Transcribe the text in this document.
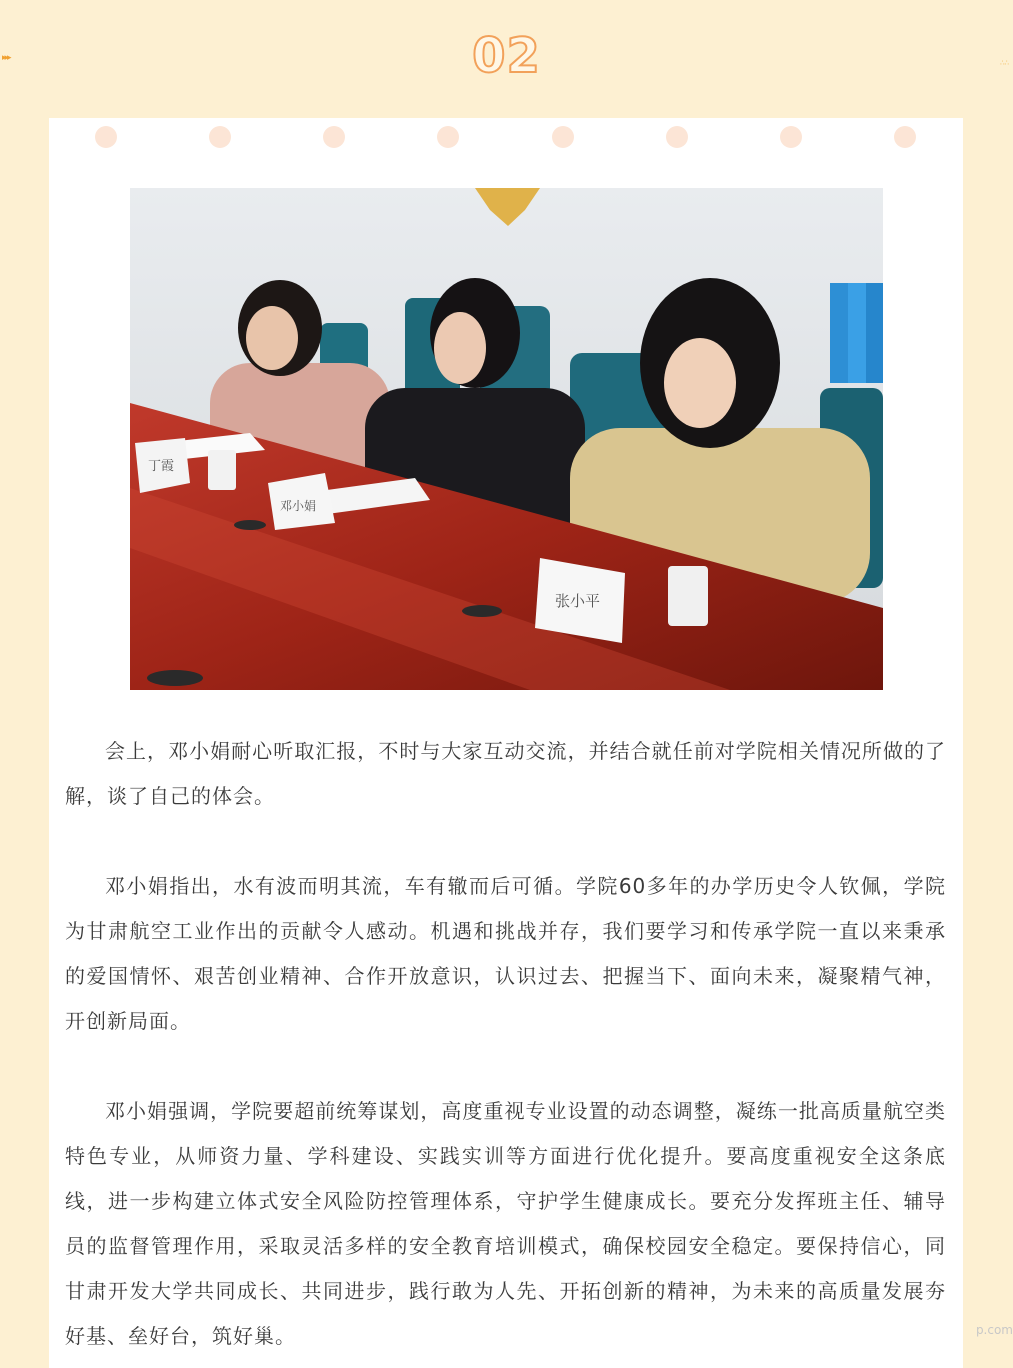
02
▸▸▸	∴∴
丁霞
邓小娟
张小平

会上，邓小娟耐心听取汇报，不时与大家互动交流，并结合就任前对学院相关情况所做的了解，谈了自己的体会。

邓小娟指出，水有波而明其流，车有辙而后可循。学院60多年的办学历史令人钦佩，学院为甘肃航空工业作出的贡献令人感动。机遇和挑战并存，我们要学习和传承学院一直以来秉承的爱国情怀、艰苦创业精神、合作开放意识，认识过去、把握当下、面向未来，凝聚精气神，开创新局面。

邓小娟强调，学院要超前统筹谋划，高度重视专业设置的动态调整，凝练一批高质量航空类特色专业，从师资力量、学科建设、实践实训等方面进行优化提升。要高度重视安全这条底线，进一步构建立体式安全风险防控管理体系，守护学生健康成长。要充分发挥班主任、辅导员的监督管理作用，采取灵活多样的安全教育培训模式，确保校园安全稳定。要保持信心，同甘肃开发大学共同成长、共同进步，践行敢为人先、开拓创新的精神，为未来的高质量发展夯好基、垒好台，筑好巢。	p.com
